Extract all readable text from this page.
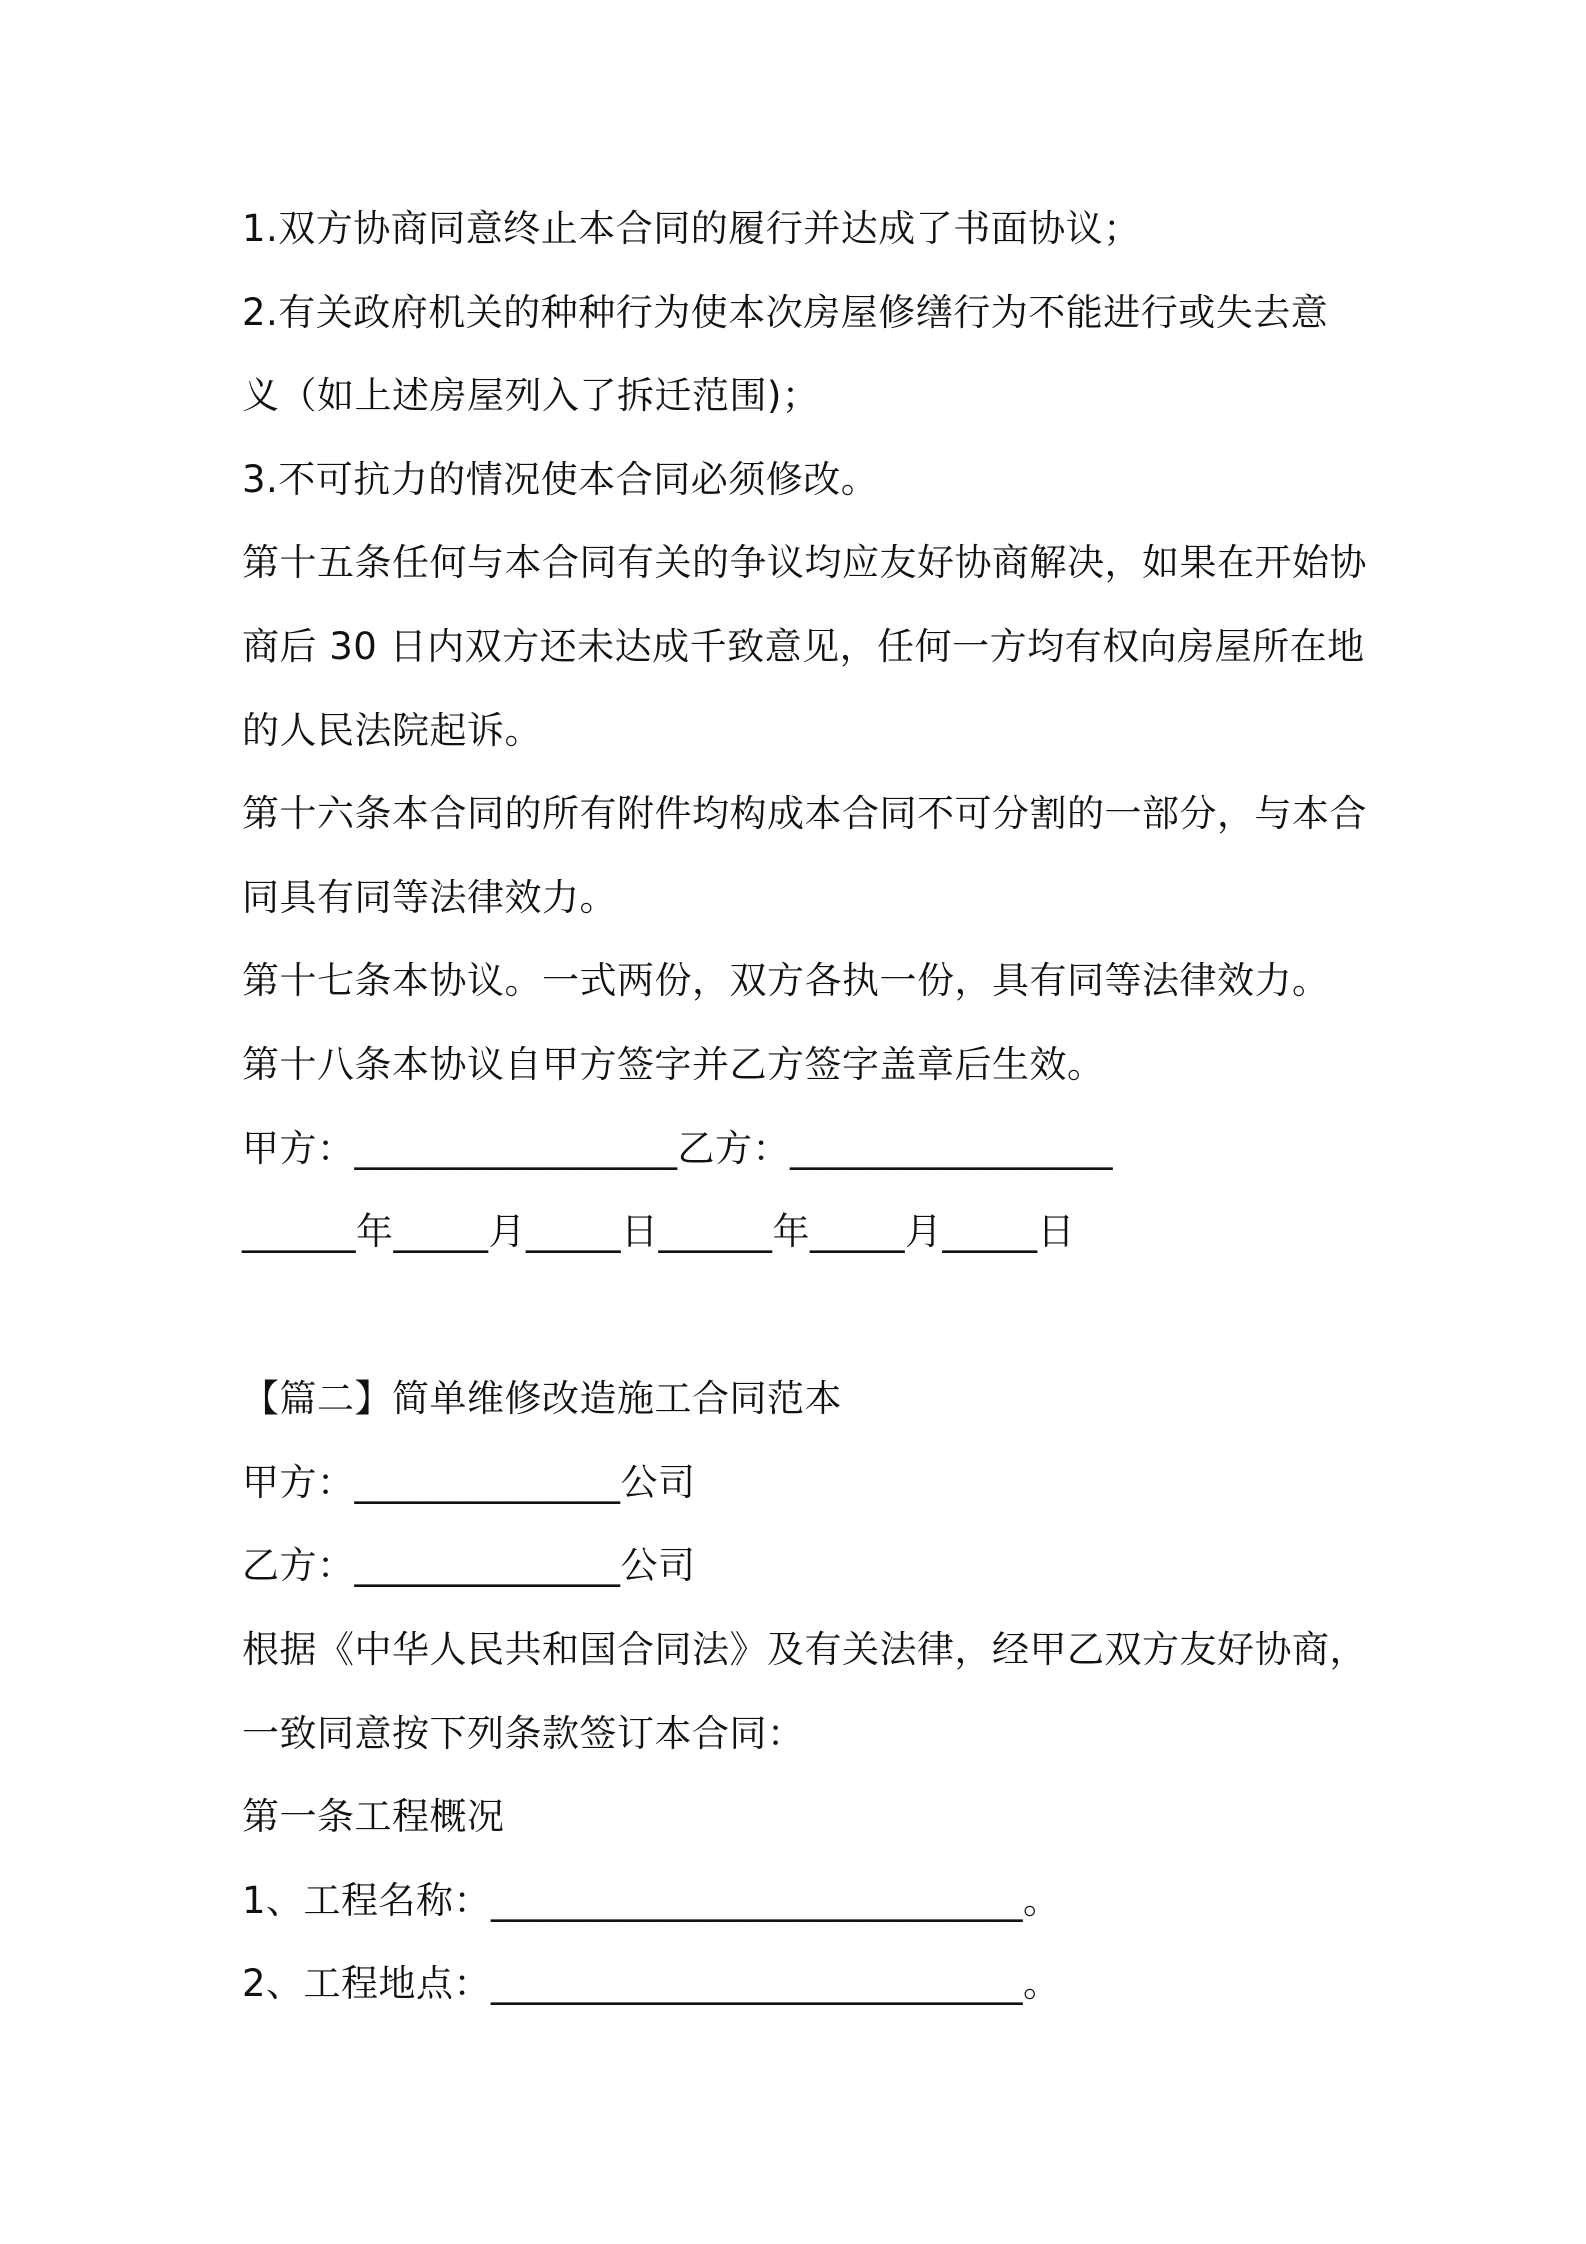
1.双方协商同意终止本合同的履行并达成了书面协议；

2.有关政府机关的种种行为使本次房屋修缮行为不能进行或失去意

义（如上述房屋列入了拆迁范围)；

3.不可抗力的情况使本合同必须修改。

第十五条任何与本合同有关的争议均应友好协商解决，如果在开始协

商后 30 日内双方还未达成千致意见，任何一方均有权向房屋所在地

的人民法院起诉。

第十六条本合同的所有附件均构成本合同不可分割的一部分，与本合

同具有同等法律效力。

第十七条本协议。一式两份，双方各执一份，具有同等法律效力。

第十八条本协议自甲方签字并乙方签字盖章后生效。

甲方：_________________乙方：_________________

______年_____月_____日______年_____月_____日

【篇二】简单维修改造施工合同范本

甲方：______________公司

乙方：______________公司

根据《中华人民共和国合同法》及有关法律，经甲乙双方友好协商，

一致同意按下列条款签订本合同：

第一条工程概况

1、工程名称：____________________________。

2、工程地点：____________________________。
